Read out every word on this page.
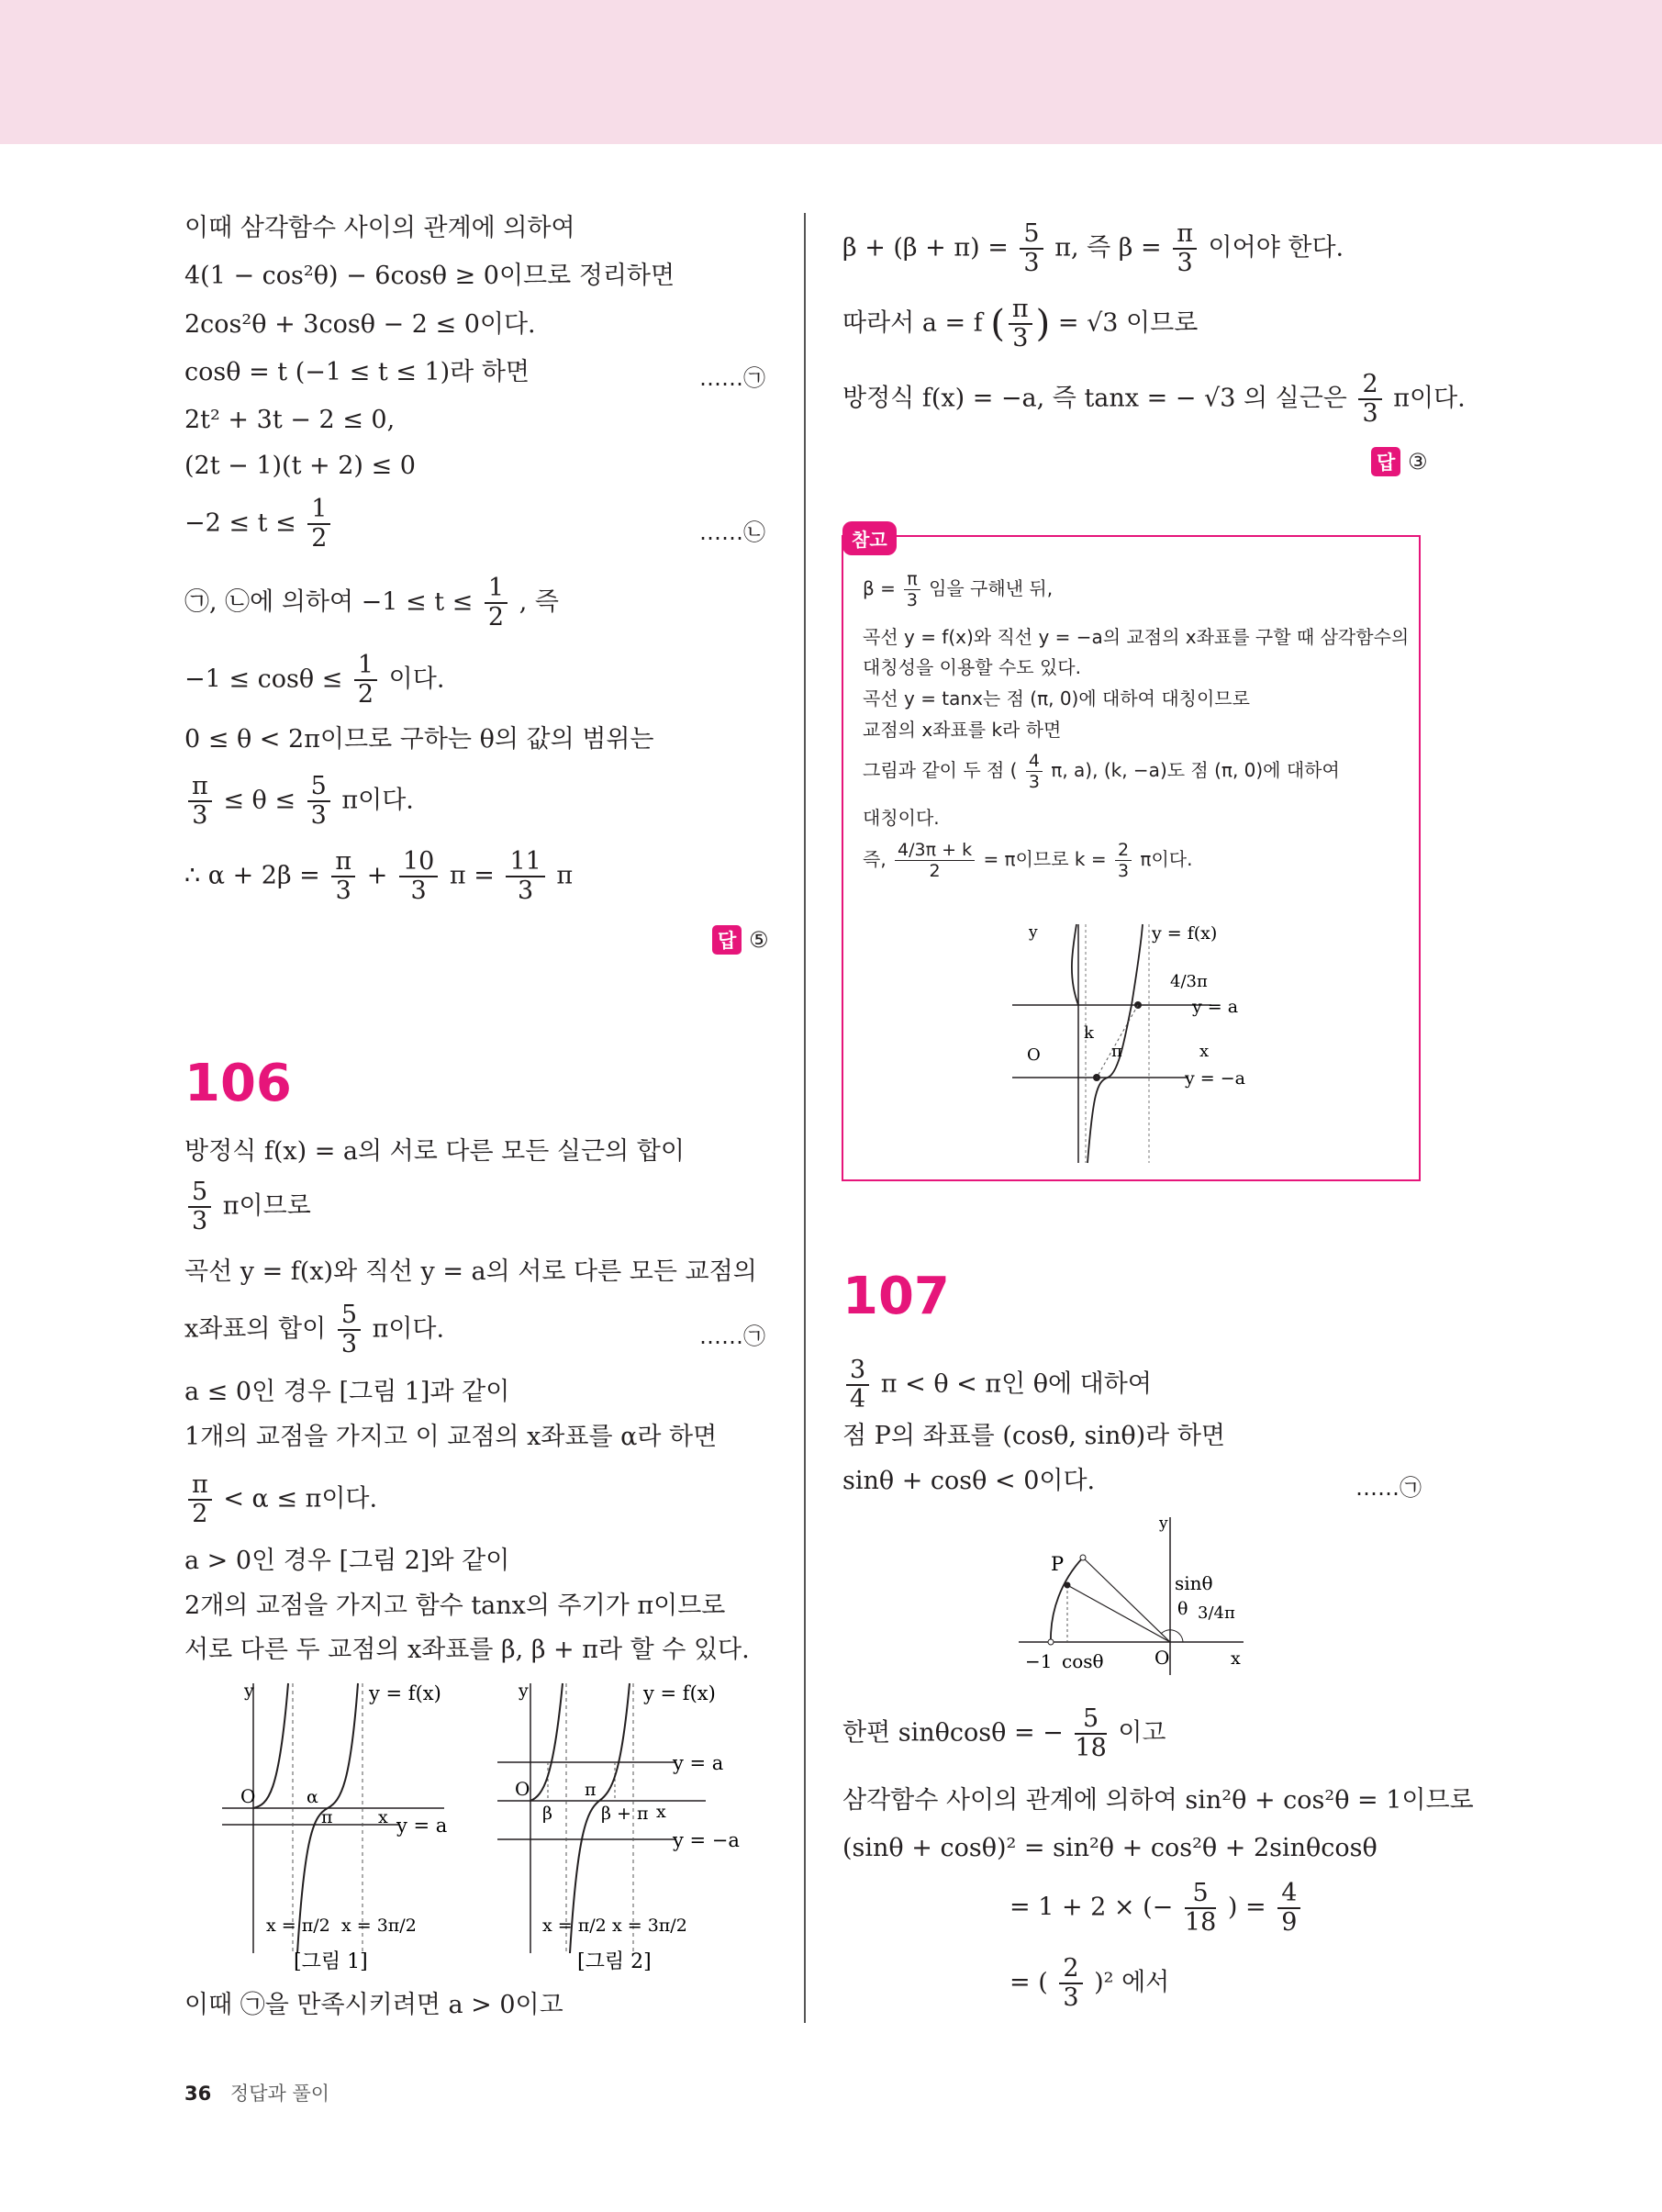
이때 삼각함수 사이의 관계에 의하여
4(1 − cos²θ) − 6cosθ ≥ 0이므로 정리하면
2cos²θ + 3cosθ − 2 ≤ 0이다.
cosθ = t (−1 ≤ t ≤ 1)라 하면	……㉠
2t² + 3t − 2 ≤ 0,
(2t − 1)(t + 2) ≤ 0
$-2 \le t \le \frac{1}{2}$	……㉡
㉠, ㉡에 의하여 $-1 \le t \le \frac{1}{2}$ , 즉
$-1 \le \cos\theta \le \frac{1}{2}$ 이다.
0 ≤ θ < 2π이므로 구하는 θ의 값의 범위는
$\frac{\pi}{3} \le \theta \le \frac{5}{3}$ π이다.
∴ $\alpha + 2\beta = \frac{\pi}{3} + \frac{10}{3}$ $\pi = \frac{11}{3}$ π
답 ⑤
106
방정식 f(x) = a의 서로 다른 모든 실근의 합이
$\frac{5}{3}$ π이므로
곡선 y = f(x)와 직선 y = a의 서로 다른 모든 교점의
x좌표의 합이 $\frac{5}{3}$ π이다.	……㉠
a ≤ 0인 경우 [그림 1]과 같이
1개의 교점을 가지고 이 교점의 x좌표를 α라 하면
$\frac{\pi}{2} < \alpha \le \pi$이다.
a > 0인 경우 [그림 2]와 같이
2개의 교점을 가지고 함수 tanx의 주기가 π이므로
서로 다른 두 교점의 x좌표를 β, β + π라 할 수 있다.
y	y = f(x)
O	α
π	x y = a
x = π/2 x = 3π/2
[그림 1]
y	y = f(x)
y = a
O	π
β	β + π x
y = −a
x = π/2 x = 3π/2
[그림 2]
이때 ㉠을 만족시키려면 a > 0이고
$\beta + (\beta + \pi) = \frac{5}{3} \pi$, 즉 $\beta = \frac{\pi}{3}$ 이어야 한다.
따라서 a = f ( $\frac{\pi}{3}$ ) = √3 이므로
방정식 f(x) = −a, 즉 tanx = − √3 의 실근은 $\frac{2}{3}$ π이다.
답 ③
참고
$\beta = \frac{\pi}{3}$ 임을 구해낸 뒤,
곡선 y = f(x)와 직선 y = −a의 교점의 x좌표를 구할 때 삼각함수의
대칭성을 이용할 수도 있다.
곡선 y = tanx는 점 (π, 0)에 대하여 대칭이므로
교점의 x좌표를 k라 하면
그림과 같이 두 점 ( $\frac{4}{3} \pi$, a), (k, −a)도 점 (π, 0)에 대하여
대칭이다.
즉, $\frac{4/3\pi + k}{2} = \pi$이므로 $k = \frac{2}{3}$ π이다.
y	y = f(x)
4/3π
y = a
O
k
π	x
y = −a
107
$\frac{3}{4}$ π < θ < π인 θ에 대하여
점 P의 좌표를 (cosθ, sinθ)라 하면
sinθ + cosθ < 0이다.	……㉠
y
P
sinθ
θ 3/4π
−1 cosθ	O	x
한편 sinθcosθ = − $\frac{5}{18}$ 이고
삼각함수 사이의 관계에 의하여 sin²θ + cos²θ = 1이므로
(sinθ + cosθ)² = sin²θ + cos²θ + 2sinθcosθ
= 1 + 2 × (− $\frac{5}{18}$ ) = $\frac{4}{9}$
= ( $\frac{2}{3} )^2$ 에서
36 정답과 풀이
